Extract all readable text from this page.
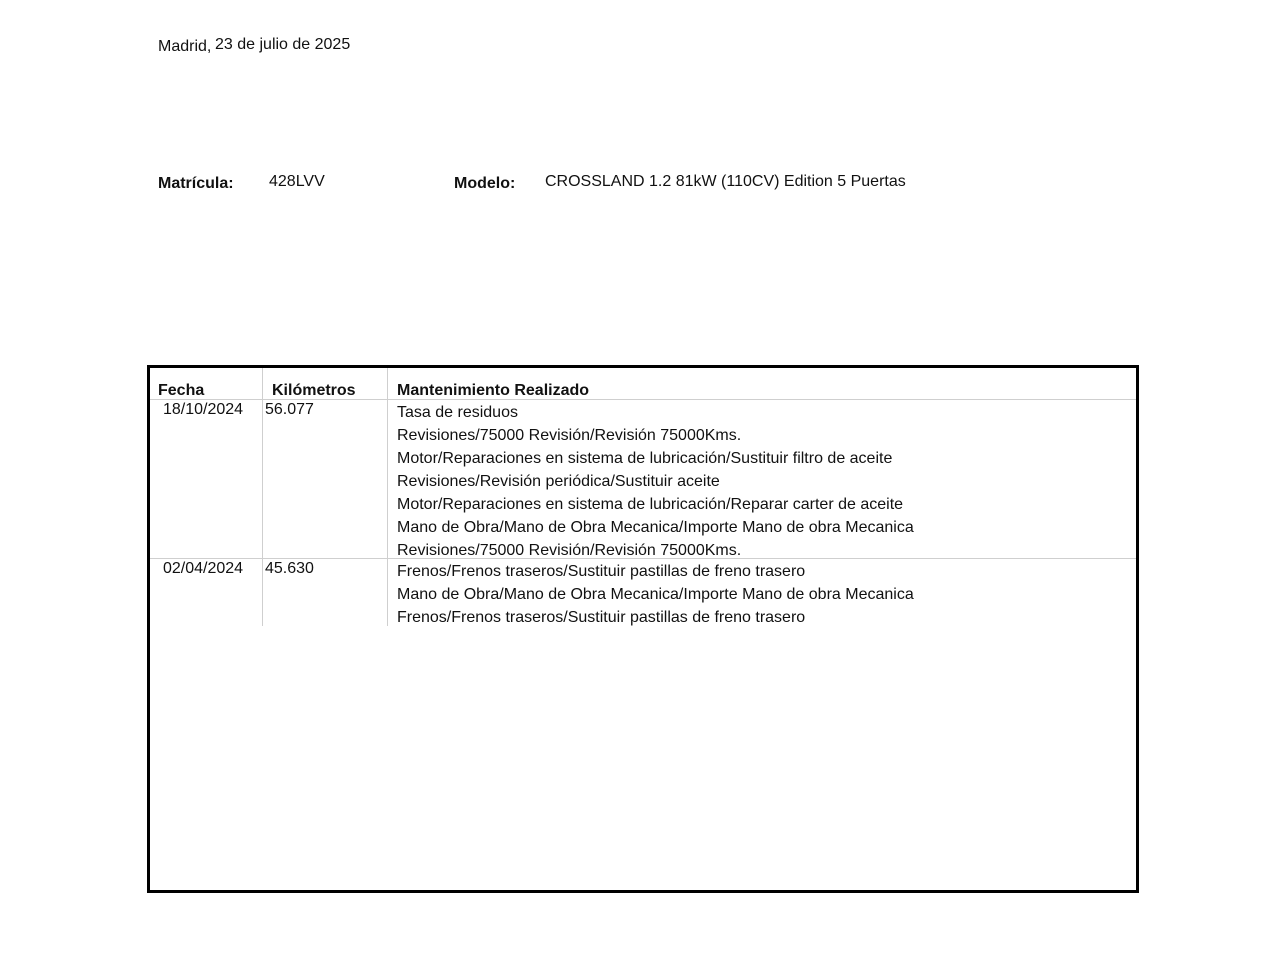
Madrid, 23 de julio de 2025
Matrícula: 428LVV	Modelo: CROSSLAND 1.2 81kW (110CV) Edition 5 Puertas
Fecha	Kilómetros	Mantenimiento Realizado
18/10/2024 56.077	Tasa de residuos
Revisiones/75000 Revisión/Revisión 75000Kms.
Motor/Reparaciones en sistema de lubricación/Sustituir filtro de aceite
Revisiones/Revisión periódica/Sustituir aceite
Motor/Reparaciones en sistema de lubricación/Reparar carter de aceite
Mano de Obra/Mano de Obra Mecanica/Importe Mano de obra Mecanica
Revisiones/75000 Revisión/Revisión 75000Kms.
02/04/2024 45.630	Frenos/Frenos traseros/Sustituir pastillas de freno trasero
Mano de Obra/Mano de Obra Mecanica/Importe Mano de obra Mecanica
Frenos/Frenos traseros/Sustituir pastillas de freno trasero
